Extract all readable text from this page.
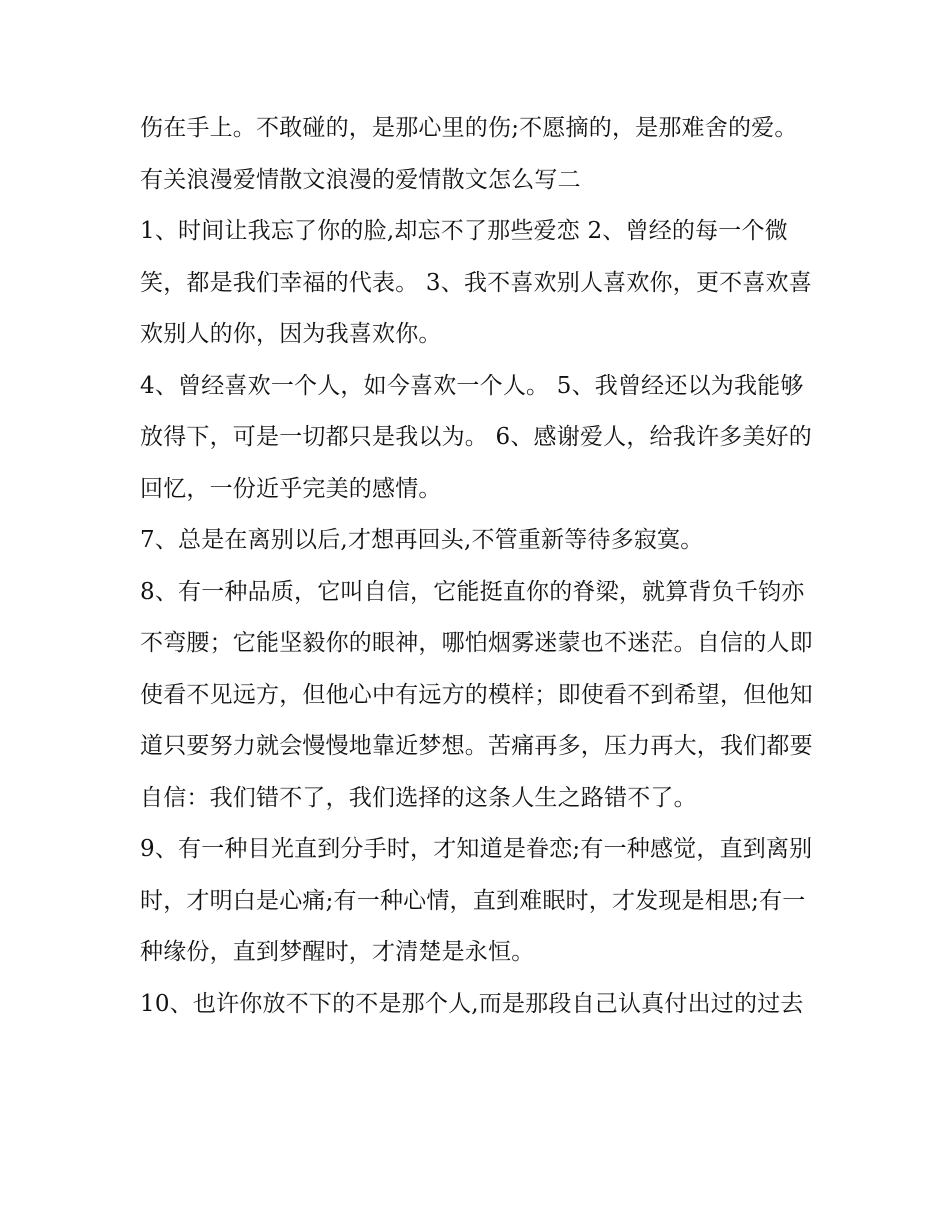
伤在手上。不敢碰的，是那心里的伤;不愿摘的，是那难舍的爱。 有关浪漫爱情散文浪漫的爱情散文怎么写二

1、时间让我忘了你的脸,却忘不了那些爱恋 2、曾经的每一个微笑，都是我们幸福的代表。 3、我不喜欢别人喜欢你，更不喜欢喜欢别人的你，因为我喜欢你。

4、曾经喜欢一个人，如今喜欢一个人。 5、我曾经还以为我能够放得下，可是一切都只是我以为。 6、感谢爱人，给我许多美好的回忆，一份近乎完美的感情。

7、总是在离别以后,才想再回头,不管重新等待多寂寞。

8、有一种品质，它叫自信，它能挺直你的脊梁，就算背负千钧亦不弯腰；它能坚毅你的眼神，哪怕烟雾迷蒙也不迷茫。自信的人即使看不见远方，但他心中有远方的模样；即使看不到希望，但他知道只要努力就会慢慢地靠近梦想。苦痛再多，压力再大，我们都要自信：我们错不了，我们选择的这条人生之路错不了。

9、有一种目光直到分手时，才知道是眷恋;有一种感觉，直到离别时，才明白是心痛;有一种心情，直到难眠时，才发现是相思;有一种缘份，直到梦醒时，才清楚是永恒。

10、也许你放不下的不是那个人,而是那段自己认真付出过的过去
